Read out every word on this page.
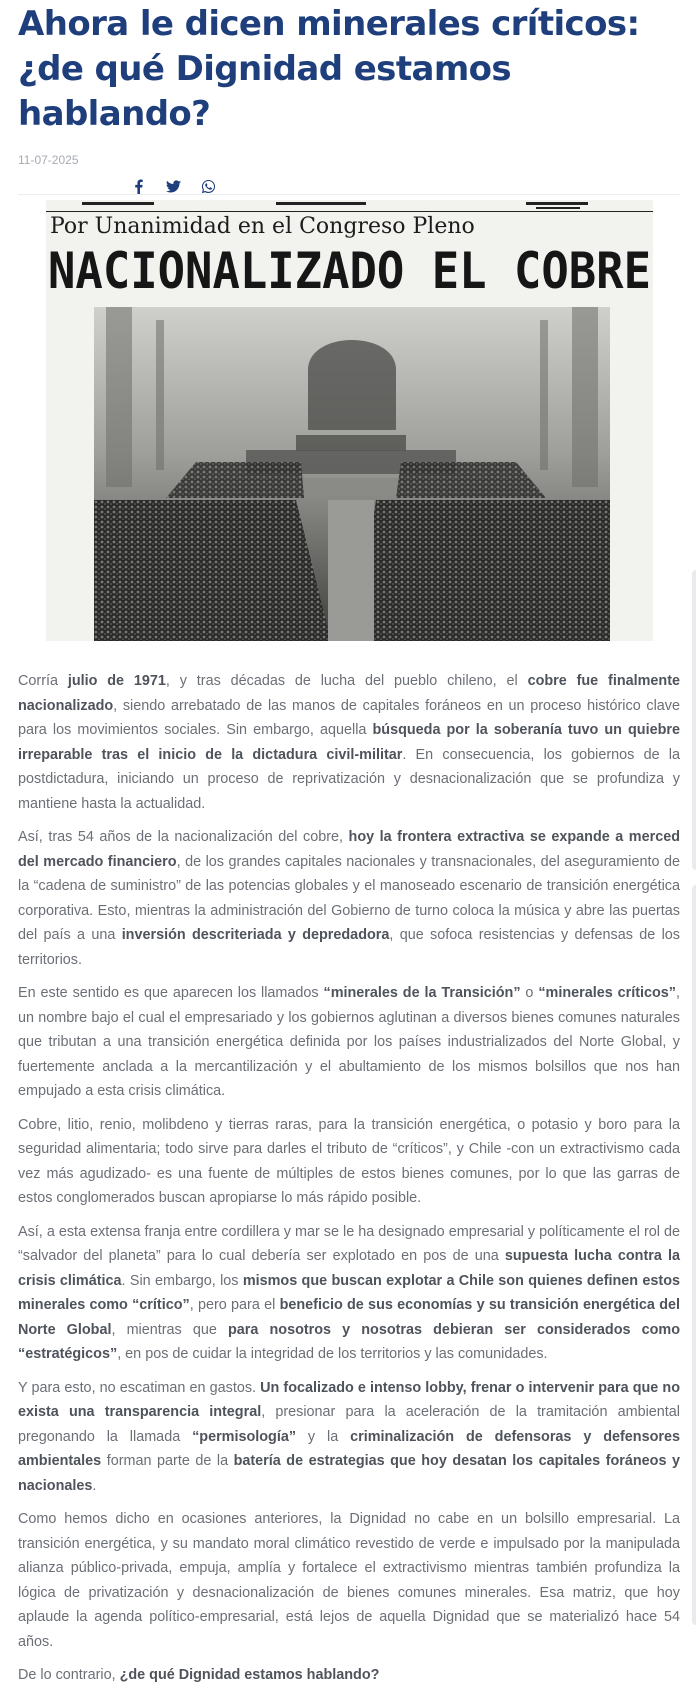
Ahora le dicen minerales críticos: ¿de qué Dignidad estamos hablando?
11-07-2025
Por Unanimidad en el Congreso Pleno
NACIONALIZADO EL COBRE

Corría julio de 1971, y tras décadas de lucha del pueblo chileno, el cobre fue finalmente nacionalizado, siendo arrebatado de las manos de capitales foráneos en un proceso histórico clave para los movimientos sociales. Sin embargo, aquella búsqueda por la soberanía tuvo un quiebre irreparable tras el inicio de la dictadura civil-militar. En consecuencia, los gobiernos de la postdictadura, iniciando un proceso de reprivatización y desnacionalización que se profundiza y mantiene hasta la actualidad.

Así, tras 54 años de la nacionalización del cobre, hoy la frontera extractiva se expande a merced del mercado financiero, de los grandes capitales nacionales y transnacionales, del aseguramiento de la “cadena de suministro” de las potencias globales y el manoseado escenario de transición energética corporativa. Esto, mientras la administración del Gobierno de turno coloca la música y abre las puertas del país a una inversión descriteriada y depredadora, que sofoca resistencias y defensas de los territorios.

En este sentido es que aparecen los llamados “minerales de la Transición” o “minerales críticos”, un nombre bajo el cual el empresariado y los gobiernos aglutinan a diversos bienes comunes naturales que tributan a una transición energética definida por los países industrializados del Norte Global, y fuertemente anclada a la mercantilización y el abultamiento de los mismos bolsillos que nos han empujado a esta crisis climática.

Cobre, litio, renio, molibdeno y tierras raras, para la transición energética, o potasio y boro para la seguridad alimentaria; todo sirve para darles el tributo de “críticos”, y Chile -con un extractivismo cada vez más agudizado- es una fuente de múltiples de estos bienes comunes, por lo que las garras de estos conglomerados buscan apropiarse lo más rápido posible.

Así, a esta extensa franja entre cordillera y mar se le ha designado empresarial y políticamente el rol de “salvador del planeta” para lo cual debería ser explotado en pos de una supuesta lucha contra la crisis climática. Sin embargo, los mismos que buscan explotar a Chile son quienes definen estos minerales como “crítico”, pero para el beneficio de sus economías y su transición energética del Norte Global, mientras que para nosotros y nosotras debieran ser considerados como “estratégicos”, en pos de cuidar la integridad de los territorios y las comunidades.

Y para esto, no escatiman en gastos. Un focalizado e intenso lobby, frenar o intervenir para que no exista una transparencia integral, presionar para la aceleración de la tramitación ambiental pregonando la llamada “permisología” y la criminalización de defensoras y defensores ambientales forman parte de la batería de estrategias que hoy desatan los capitales foráneos y nacionales.

Como hemos dicho en ocasiones anteriores, la Dignidad no cabe en un bolsillo empresarial. La transición energética, y su mandato moral climático revestido de verde e impulsado por la manipulada alianza público-privada, empuja, amplía y fortalece el extractivismo mientras también profundiza la lógica de privatización y desnacionalización de bienes comunes minerales. Esa matriz, que hoy aplaude la agenda político-empresarial, está lejos de aquella Dignidad que se materializó hace 54 años.

De lo contrario, ¿de qué Dignidad estamos hablando?
